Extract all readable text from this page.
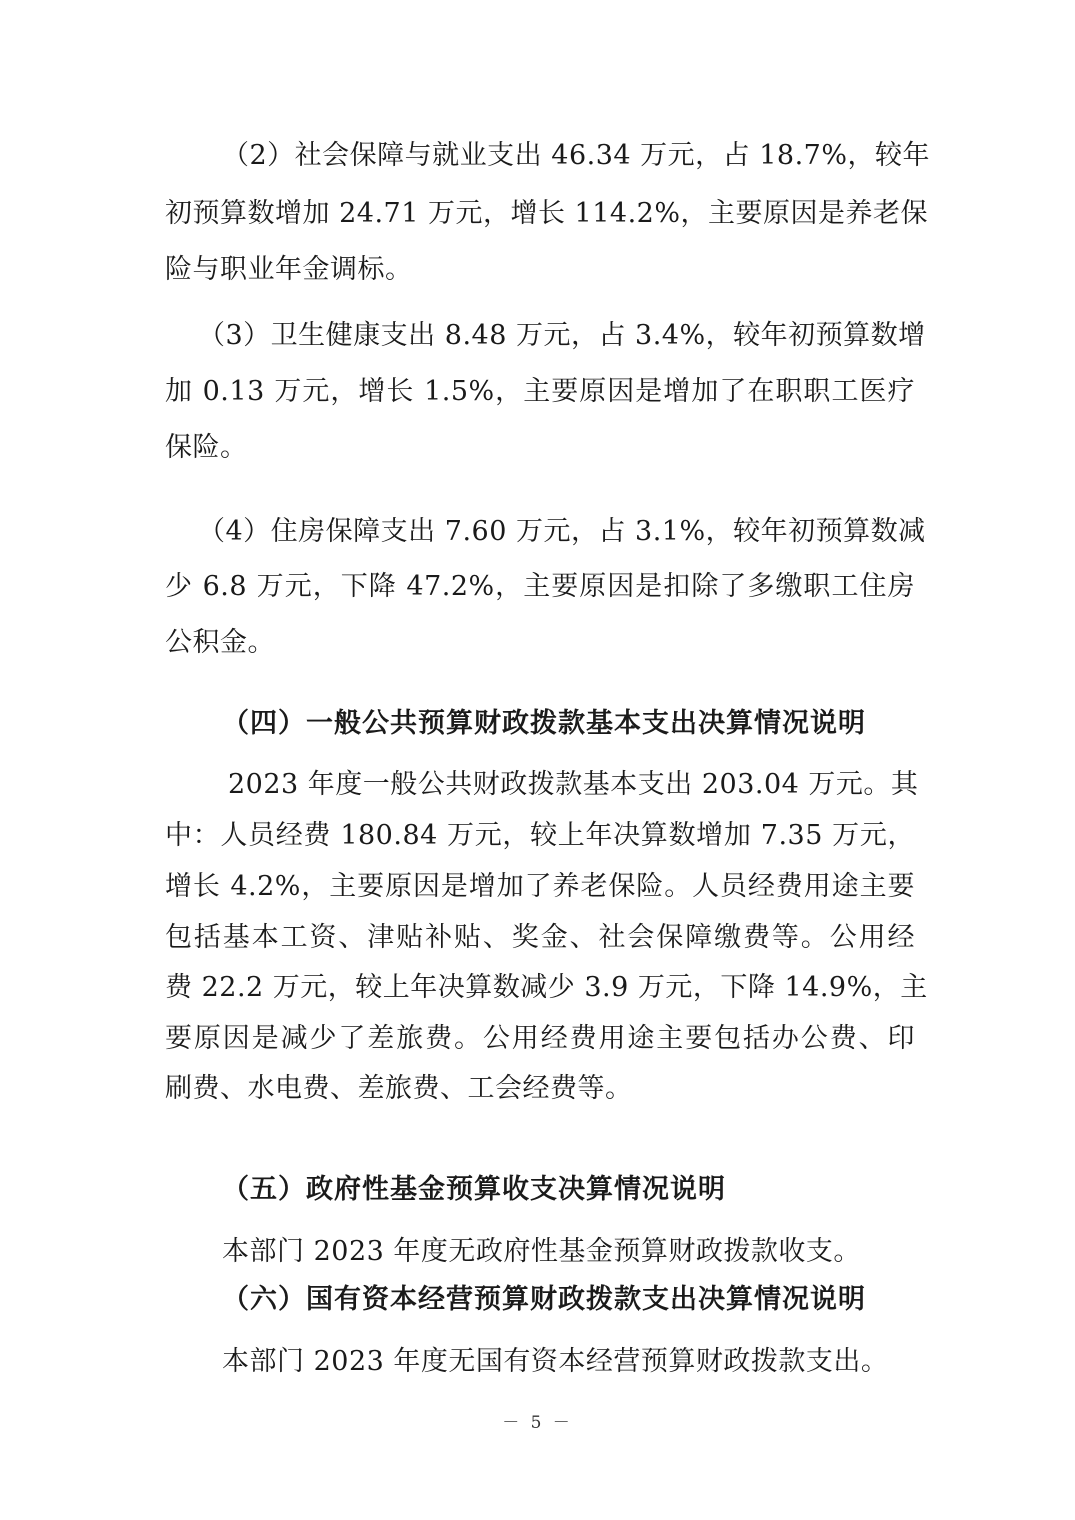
（2）社会保障与就业支出 46.34 万元，占 18.7%，较年
初预算数增加 24.71 万元，增长 114.2%，主要原因是养老保
险与职业年金调标。
（3）卫生健康支出 8.48 万元，占 3.4%，较年初预算数增
加 0.13 万元，增长 1.5%，主要原因是增加了在职职工医疗
保险。
（4）住房保障支出 7.60 万元，占 3.1%，较年初预算数减
少 6.8 万元，下降 47.2%，主要原因是扣除了多缴职工住房
公积金。
（四）一般公共预算财政拨款基本支出决算情况说明
2023 年度一般公共财政拨款基本支出 203.04 万元。其
中：人员经费 180.84 万元，较上年决算数增加 7.35 万元，
增长 4.2%，主要原因是增加了养老保险。人员经费用途主要
包括基本工资、津贴补贴、奖金、社会保障缴费等。公用经
费 22.2 万元，较上年决算数减少 3.9 万元，下降 14.9%，主
要原因是减少了差旅费。公用经费用途主要包括办公费、印
刷费、水电费、差旅费、工会经费等。
（五）政府性基金预算收支决算情况说明
本部门 2023 年度无政府性基金预算财政拨款收支。
（六）国有资本经营预算财政拨款支出决算情况说明
本部门 2023 年度无国有资本经营预算财政拨款支出。
－ 5 －
